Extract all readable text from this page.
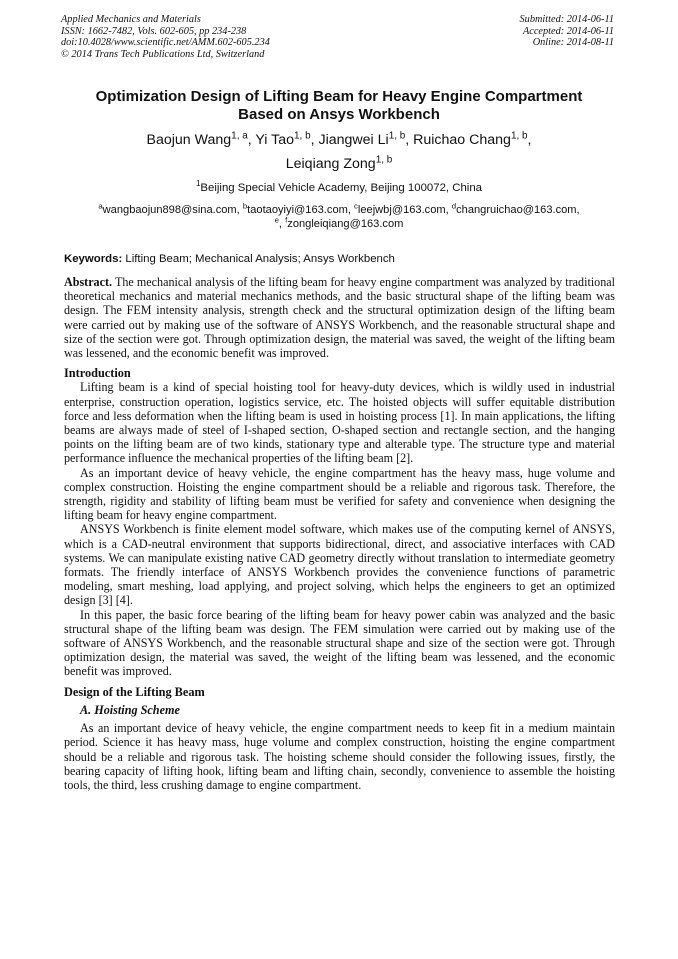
Applied Mechanics and Materials
ISSN: 1662-7482, Vols. 602-605, pp 234-238
doi:10.4028/www.scientific.net/AMM.602-605.234
© 2014 Trans Tech Publications Ltd, Switzerland
Submitted: 2014-06-11
Accepted: 2014-06-11
Online: 2014-08-11
Optimization Design of Lifting Beam for Heavy Engine Compartment
Based on Ansys Workbench
Baojun Wang$^{1, a}$, Yi Tao$^{1, b}$, Jiangwei Li$^{1, b}$, Ruichao Chang$^{1, b}$,
Leiqiang Zong$^{1, b}$
$^1$Beijing Special Vehicle Academy, Beijing 100072, China
$^a$wangbaojun898@sina.com, $^b$taotaoyiyi@163.com, $^c$leejwbj@163.com, $^d$changruichao@163.com,
$^e$, $^f$zongleiqiang@163.com
Keywords: Lifting Beam; Mechanical Analysis; Ansys Workbench

Abstract. The mechanical analysis of the lifting beam for heavy engine compartment was analyzed by traditional theoretical mechanics and material mechanics methods, and the basic structural shape of the lifting beam was design. The FEM intensity analysis, strength check and the structural optimization design of the lifting beam were carried out by making use of the software of ANSYS Workbench, and the reasonable structural shape and size of the section were got. Through optimization design, the material was saved, the weight of the lifting beam was lessened, and the economic benefit was improved.

Introduction

Lifting beam is a kind of special hoisting tool for heavy-duty devices, which is wildly used in industrial enterprise, construction operation, logistics service, etc. The hoisted objects will suffer equitable distribution force and less deformation when the lifting beam is used in hoisting process [1]. In main applications, the lifting beams are always made of steel of I-shaped section, O-shaped section and rectangle section, and the hanging points on the lifting beam are of two kinds, stationary type and alterable type. The structure type and material performance influence the mechanical properties of the lifting beam [2].

As an important device of heavy vehicle, the engine compartment has the heavy mass, huge volume and complex construction. Hoisting the engine compartment should be a reliable and rigorous task. Therefore, the strength, rigidity and stability of lifting beam must be verified for safety and convenience when designing the lifting beam for heavy engine compartment.

ANSYS Workbench is finite element model software, which makes use of the computing kernel of ANSYS, which is a CAD-neutral environment that supports bidirectional, direct, and associative interfaces with CAD systems. We can manipulate existing native CAD geometry directly without translation to intermediate geometry formats. The friendly interface of ANSYS Workbench provides the convenience functions of parametric modeling, smart meshing, load applying, and project solving, which helps the engineers to get an optimized design [3] [4].

In this paper, the basic force bearing of the lifting beam for heavy power cabin was analyzed and the basic structural shape of the lifting beam was design. The FEM simulation were carried out by making use of the software of ANSYS Workbench, and the reasonable structural shape and size of the section were got. Through optimization design, the material was saved, the weight of the lifting beam was lessened, and the economic benefit was improved.

Design of the Lifting Beam
A. Hoisting Scheme

As an important device of heavy vehicle, the engine compartment needs to keep fit in a medium maintain period. Science it has heavy mass, huge volume and complex construction, hoisting the engine compartment should be a reliable and rigorous task. The hoisting scheme should consider the following issues, firstly, the bearing capacity of lifting hook, lifting beam and lifting chain, secondly, convenience to assemble the hoisting tools, the third, less crushing damage to engine compartment.
